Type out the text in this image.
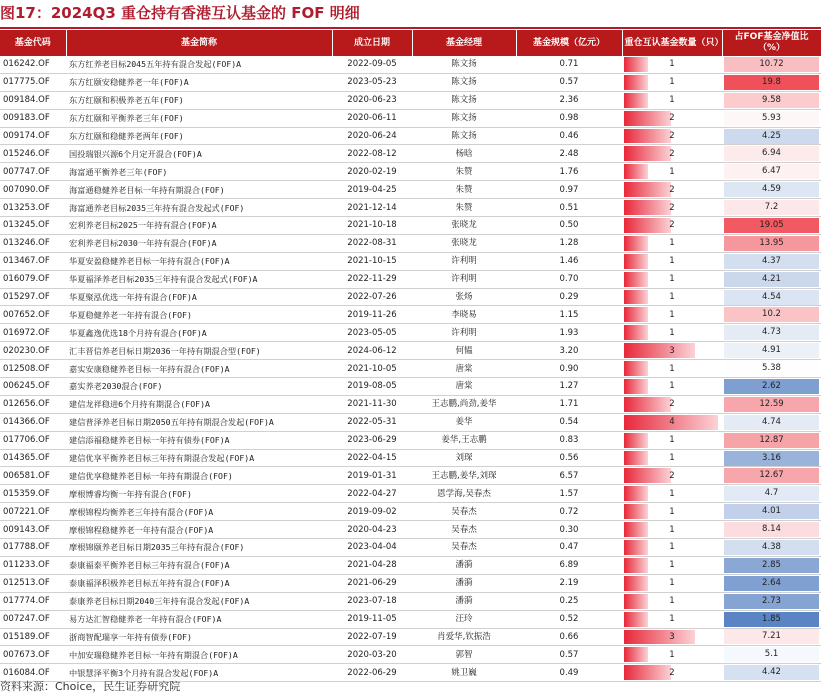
图17：2024Q3 重仓持有香港互认基金的 FOF 明细
基金代码	基金简称	成立日期	基金经理	基金规模（亿元）	重仓互认基金数量（只）	占FOF基金净值比（%）
016242.OF	东方红养老目标2045五年持有混合发起(FOF)A	2022-09-05	陈文扬	0.71	1	10.72

017775.OF	东方红颐安稳健养老一年(FOF)A	2023-05-23	陈文扬	0.57	1	19.8

009184.OF	东方红颐和积极养老五年(FOF)	2020-06-23	陈文扬	2.36	1	9.58

009183.OF	东方红颐和平衡养老三年(FOF)	2020-06-11	陈文扬	0.98	2	5.93

009174.OF	东方红颐和稳健养老两年(FOF)	2020-06-24	陈文扬	0.46	2	4.25

015246.OF	国投瑞银兴源6个月定开混合(FOF)A	2022-08-12	杨晗	2.48	2	6.94

007747.OF	海富通平衡养老三年(FOF)	2020-02-19	朱赞	1.76	1	6.47

007090.OF	海富通稳健养老目标一年持有期混合(FOF)	2019-04-25	朱赞	0.97	2	4.59

013253.OF	海富通养老目标2035三年持有混合发起式(FOF)	2021-12-14	朱赞	0.51	2	7.2

013245.OF	宏利养老目标2025一年持有混合(FOF)A	2021-10-18	张晓龙	0.50	2	19.05

013246.OF	宏利养老目标2030一年持有混合(FOF)A	2022-08-31	张晓龙	1.28	1	13.95

013467.OF	华夏安盈稳健养老目标一年持有混合(FOF)A	2021-10-15	许利明	1.46	1	4.37

016079.OF	华夏福泽养老目标2035三年持有混合发起式(FOF)A	2022-11-29	许利明	0.70	1	4.21

015297.OF	华夏聚泓优选一年持有混合(FOF)A	2022-07-26	张炀	0.29	1	4.54

007652.OF	华夏稳健养老一年持有混合(FOF)	2019-11-26	李晓易	1.15	1	10.2

016972.OF	华夏鑫逸优选18个月持有混合(FOF)A	2023-05-05	许利明	1.93	1	4.73

020230.OF	汇丰晋信养老目标日期2036一年持有期混合型(FOF)	2024-06-12	何韫	3.20	3	4.91

012508.OF	嘉实安康稳健养老目标一年持有混合(FOF)A	2021-10-05	唐棠	0.90	1	5.38

006245.OF	嘉实养老2030混合(FOF)	2019-08-05	唐棠	1.27	1	2.62

012656.OF	建信龙祥稳进6个月持有期混合(FOF)A	2021-11-30	王志鹏,尚劲,姜华	1.71	2	12.59

014366.OF	建信普泽养老目标日期2050五年持有期混合发起(FOF)A	2022-05-31	姜华	0.54	4	4.74

017706.OF	建信添福稳健养老目标一年持有债券(FOF)A	2023-06-29	姜华,王志鹏	0.83	1	12.87

014365.OF	建信优享平衡养老目标三年持有期混合发起(FOF)A	2022-04-15	刘琛	0.56	1	3.16

006581.OF	建信优享稳健养老目标一年持有期混合(FOF)	2019-01-31	王志鹏,姜华,刘琛	6.57	2	12.67

015359.OF	摩根博睿均衡一年持有混合(FOF)	2022-04-27	恩学海,吴春杰	1.57	1	4.7

007221.OF	摩根锦程均衡养老三年持有混合(FOF)A	2019-09-02	吴春杰	0.72	1	4.01

009143.OF	摩根锦程稳健养老一年持有混合(FOF)A	2020-04-23	吴春杰	0.30	1	8.14

017788.OF	摩根锦颐养老目标日期2035三年持有混合(FOF)	2023-04-04	吴春杰	0.47	1	4.38

011233.OF	泰康福泰平衡养老目标三年持有混合(FOF)A	2021-04-28	潘漪	6.89	1	2.85

012513.OF	泰康福泽积极养老目标五年持有混合(FOF)A	2021-06-29	潘漪	2.19	1	2.64

017774.OF	泰康养老目标日期2040三年持有混合发起(FOF)A	2023-07-18	潘漪	0.25	1	2.73

007247.OF	易方达汇智稳健养老一年持有混合(FOF)A	2019-11-05	汪玲	0.52	1	1.85

015189.OF	浙商智配瑞享一年持有债券(FOF)	2022-07-19	肖爱华,钦振浩	0.66	3	7.21

007673.OF	中加安瑞稳健养老目标一年持有期混合(FOF)A	2020-03-20	郭智	0.57	1	5.1

016084.OF	中银慧泽平衡3个月持有混合发起(FOF)A	2022-06-29	姚卫巍	0.49	2	4.42
资料来源：Choice，民生证券研究院
